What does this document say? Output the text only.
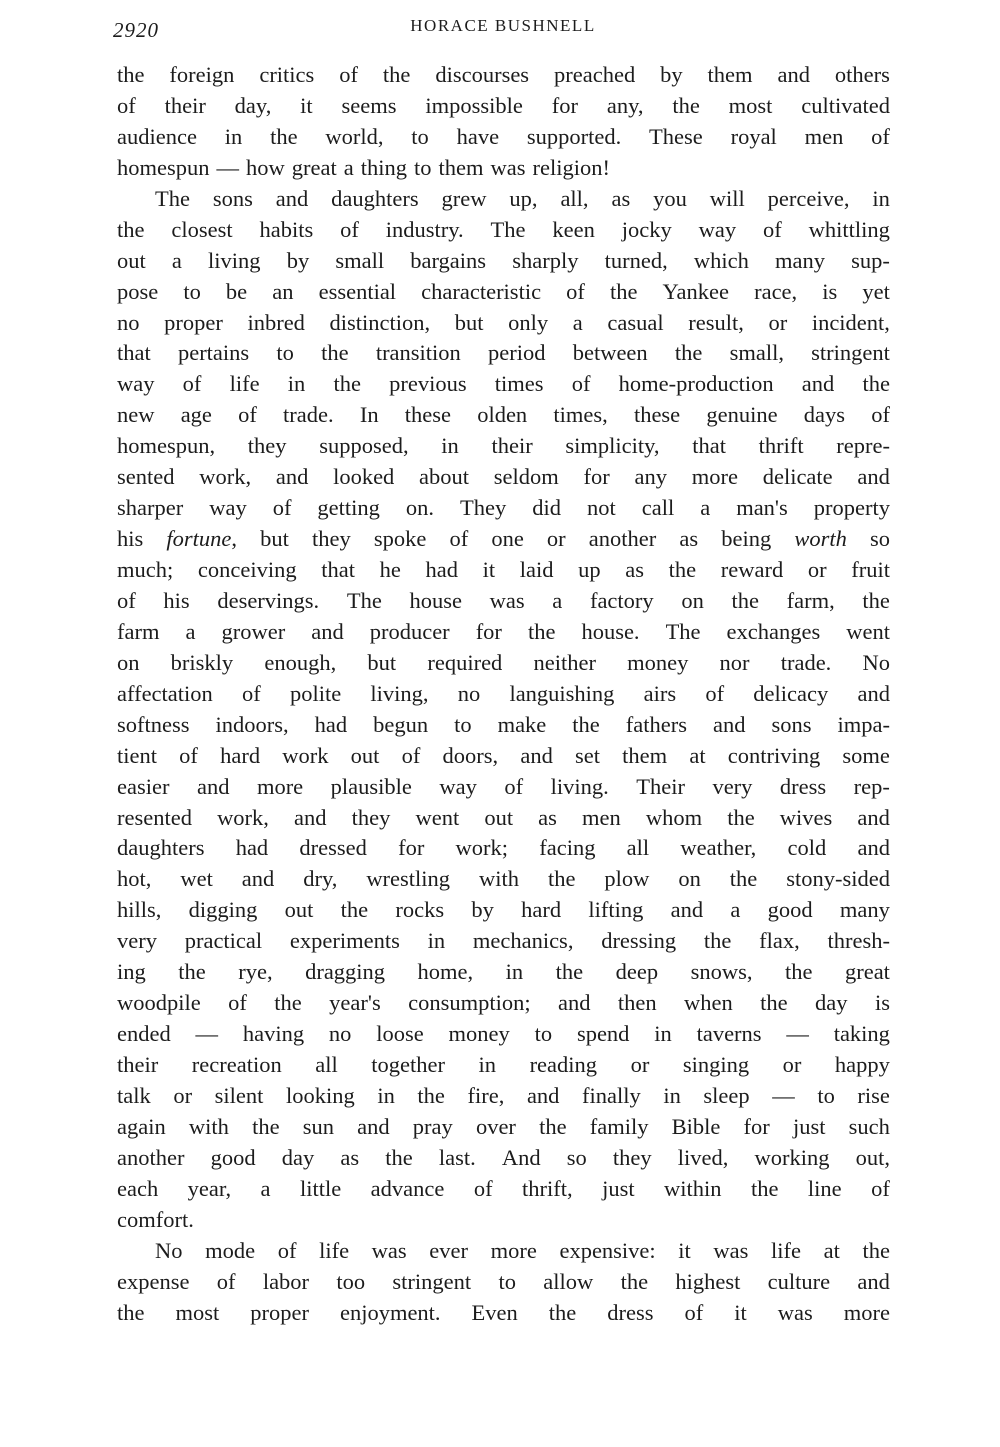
2920	HORACE BUSHNELL
the foreign critics of the discourses preached by them and others
of their day, it seems impossible for any, the most cultivated
audience in the world, to have supported. These royal men of
homespun — how great a thing to them was religion!
The sons and daughters grew up, all, as you will perceive, in
the closest habits of industry. The keen jocky way of whittling
out a living by small bargains sharply turned, which many sup-
pose to be an essential characteristic of the Yankee race, is yet
no proper inbred distinction, but only a casual result, or incident,
that pertains to the transition period between the small, stringent
way of life in the previous times of home-production and the
new age of trade. In these olden times, these genuine days of
homespun, they supposed, in their simplicity, that thrift repre-
sented work, and looked about seldom for any more delicate and
sharper way of getting on. They did not call a man's property
his fortune, but they spoke of one or another as being worth so
much; conceiving that he had it laid up as the reward or fruit
of his deservings. The house was a factory on the farm, the
farm a grower and producer for the house. The exchanges went
on briskly enough, but required neither money nor trade. No
affectation of polite living, no languishing airs of delicacy and
softness indoors, had begun to make the fathers and sons impa-
tient of hard work out of doors, and set them at contriving some
easier and more plausible way of living. Their very dress rep-
resented work, and they went out as men whom the wives and
daughters had dressed for work; facing all weather, cold and
hot, wet and dry, wrestling with the plow on the stony-sided
hills, digging out the rocks by hard lifting and a good many
very practical experiments in mechanics, dressing the flax, thresh-
ing the rye, dragging home, in the deep snows, the great
woodpile of the year's consumption; and then when the day is
ended — having no loose money to spend in taverns — taking
their recreation all together in reading or singing or happy
talk or silent looking in the fire, and finally in sleep — to rise
again with the sun and pray over the family Bible for just such
another good day as the last. And so they lived, working out,
each year, a little advance of thrift, just within the line of
comfort.
No mode of life was ever more expensive: it was life at the
expense of labor too stringent to allow the highest culture and
the most proper enjoyment. Even the dress of it was more
